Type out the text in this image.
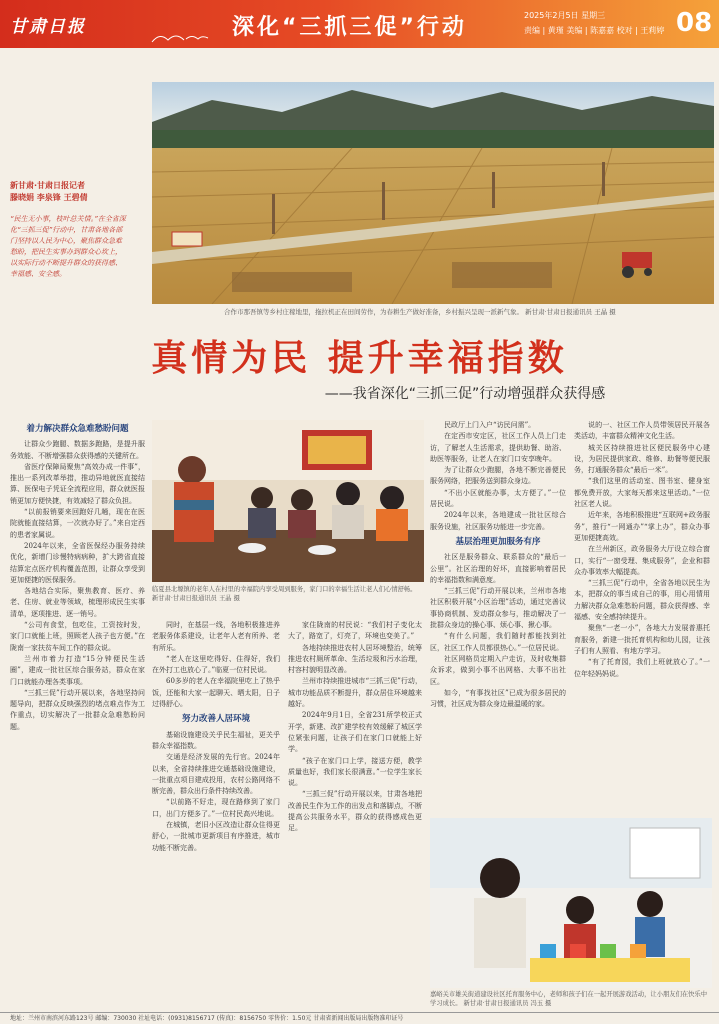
甘肃日报	深化“三抓三促”行动	2025年2月5日 星期三
责编 | 黄瑾 美编 | 陈嘉嘉 校对 | 王莉婷 08
新甘肃·甘肃日报记者
滕晓娟 李泉锋 王碧倩
“民生无小事，枝叶总关情。”在全省深化“三抓三促”行动中，甘肃各地各部门坚持以人民为中心，聚焦群众急难愁盼，把民生实事办到群众心坎上，以实际行动不断提升群众的获得感、幸福感、安全感。
合作市那吾镇等乡村庄稼地里，拖拉机正在田间劳作，为春耕生产做好准备，乡村振兴呈现一派新气象。 新甘肃·甘肃日报通讯员 王晶 摄
真情为民 提升幸福指数
——我省深化“三抓三促”行动增强群众获得感
着力解决群众急难愁盼问题

让群众少跑腿、数据多跑路，是提升服务效能、不断增强群众获得感的关键所在。

省医疗保障局聚焦“高效办成一件事”，推出一系列改革举措，推动异地就医直接结算、医保电子凭证全流程应用，群众就医报销更加方便快捷，有效减轻了群众负担。

“以前报销要来回跑好几趟，现在在医院就能直接结算，一次就办好了。”来自定西的患者家属说。

2024年以来，全省医保经办服务持续优化，新增门诊慢特病病种，扩大跨省直接结算定点医疗机构覆盖范围，让群众享受到更加便捷的医保服务。

各地结合实际，聚焦教育、医疗、养老、住房、就业等领域，梳理形成民生实事清单，逐项推进、逐一销号。

“公司有食堂，包吃住，工资按时发，家门口就能上班，照顾老人孩子也方便。”在陇南一家扶贫车间工作的群众说。

兰州市着力打造“15分钟便民生活圈”，建成一批社区综合服务站，群众在家门口就能办理各类事项。

“三抓三促”行动开展以来，各地坚持问题导向，把群众反映强烈的堵点难点作为工作重点，切实解决了一批群众急难愁盼问题。

临夏县北塬镇的老年人在村里的幸福院内享受周到服务，家门口的幸福生活让老人们心情舒畅。 新甘肃·甘肃日报通讯员 王晶 摄

同时，在基层一线，各地积极推进养老服务体系建设，让老年人老有所养、老有所乐。

“老人在这里吃得好、住得好，我们在外打工也放心了。”临夏一位村民说。

60多岁的老人在幸福院里吃上了热乎饭，还能和大家一起聊天、晒太阳，日子过得舒心。

努力改善人居环境

基础设施建设关乎民生福祉，更关乎群众幸福指数。

交通是经济发展的先行官。2024年以来，全省持续推进交通基础设施建设，一批重点项目建成投用，农村公路网络不断完善，群众出行条件持续改善。

“以前路不好走，现在路修到了家门口，出门方便多了。”一位村民高兴地说。

在城镇，老旧小区改造让群众住得更舒心，一批城市更新项目有序推进，城市功能不断完善。

家住陇南的村民说：“我们村子变化太大了，路宽了，灯亮了，环境也变美了。”

各地持续推进农村人居环境整治，统筹推进农村厕所革命、生活垃圾和污水治理，村容村貌明显改善。

兰州市持续推进城市“三抓三促”行动，城市功能品质不断提升，群众居住环境越来越好。

2024年9月1日，全省231所学校正式开学，新建、改扩建学校有效缓解了城区学位紧张问题，让孩子们在家门口就能上好学。

“孩子在家门口上学，接送方便，教学质量也好，我们家长很满意。”一位学生家长说。

“三抓三促”行动开展以来，甘肃各地把改善民生作为工作的出发点和落脚点，不断提高公共服务水平，群众的获得感成色更足。

民政厅上门入户“访民问需”。

在定西市安定区，社区工作人员上门走访，了解老人生活需求，提供助餐、助浴、助医等服务，让老人在家门口安享晚年。

为了让群众少跑腿，各地不断完善便民服务网络，把服务送到群众身边。

“不出小区就能办事，太方便了。”一位居民说。

2024年以来，各地建成一批社区综合服务设施，社区服务功能进一步完善。

基层治理更加服务有序

社区是服务群众、联系群众的“最后一公里”。社区治理的好坏，直接影响着居民的幸福指数和满意度。

“三抓三促”行动开展以来，兰州市各地社区积极开展“小区治理”活动，通过完善议事协商机制、发动群众参与，推动解决了一批群众身边的操心事、烦心事、揪心事。

“有什么问题，我们随时都能找到社区，社区工作人员都很热心。”一位居民说。

社区网格员定期入户走访，及时收集群众诉求，做到小事不出网格、大事不出社区。

如今，“有事找社区”已成为很多居民的习惯，社区成为群众身边最温暖的家。

说的一、社区工作人员带领居民开展各类活动，丰富群众精神文化生活。

城关区持续推进社区便民服务中心建设，为居民提供家政、维修、助餐等便民服务，打通服务群众“最后一米”。

“我们这里的活动室、图书室、健身室都免费开放，大家每天都来这里活动。”一位社区老人说。

近年来，各地积极推进“互联网+政务服务”，推行“一网通办”“掌上办”，群众办事更加便捷高效。

在兰州新区，政务服务大厅设立综合窗口，实行“一窗受理、集成服务”，企业和群众办事效率大幅提高。

“三抓三促”行动中，全省各地以民生为本，把群众的事当成自己的事，用心用情用力解决群众急难愁盼问题，群众获得感、幸福感、安全感持续提升。

聚焦“一老一小”，各地大力发展普惠托育服务，新建一批托育机构和幼儿园，让孩子们有人照看、有地方学习。

“有了托育园，我们上班就放心了。”一位年轻妈妈说。

嘉峪关市雄关街道建设社区托育服务中心，老师和孩子们在一起开展游戏活动，让小朋友们在快乐中学习成长。 新甘肃·甘肃日报通讯员 冯玉 摄
地址：兰州市南滨河东路123号 邮编：730030 社址电话：(0931)8156717 (传真)：8156750 零售价：1.50元 甘肃省新闻出版局出版物准印证号
